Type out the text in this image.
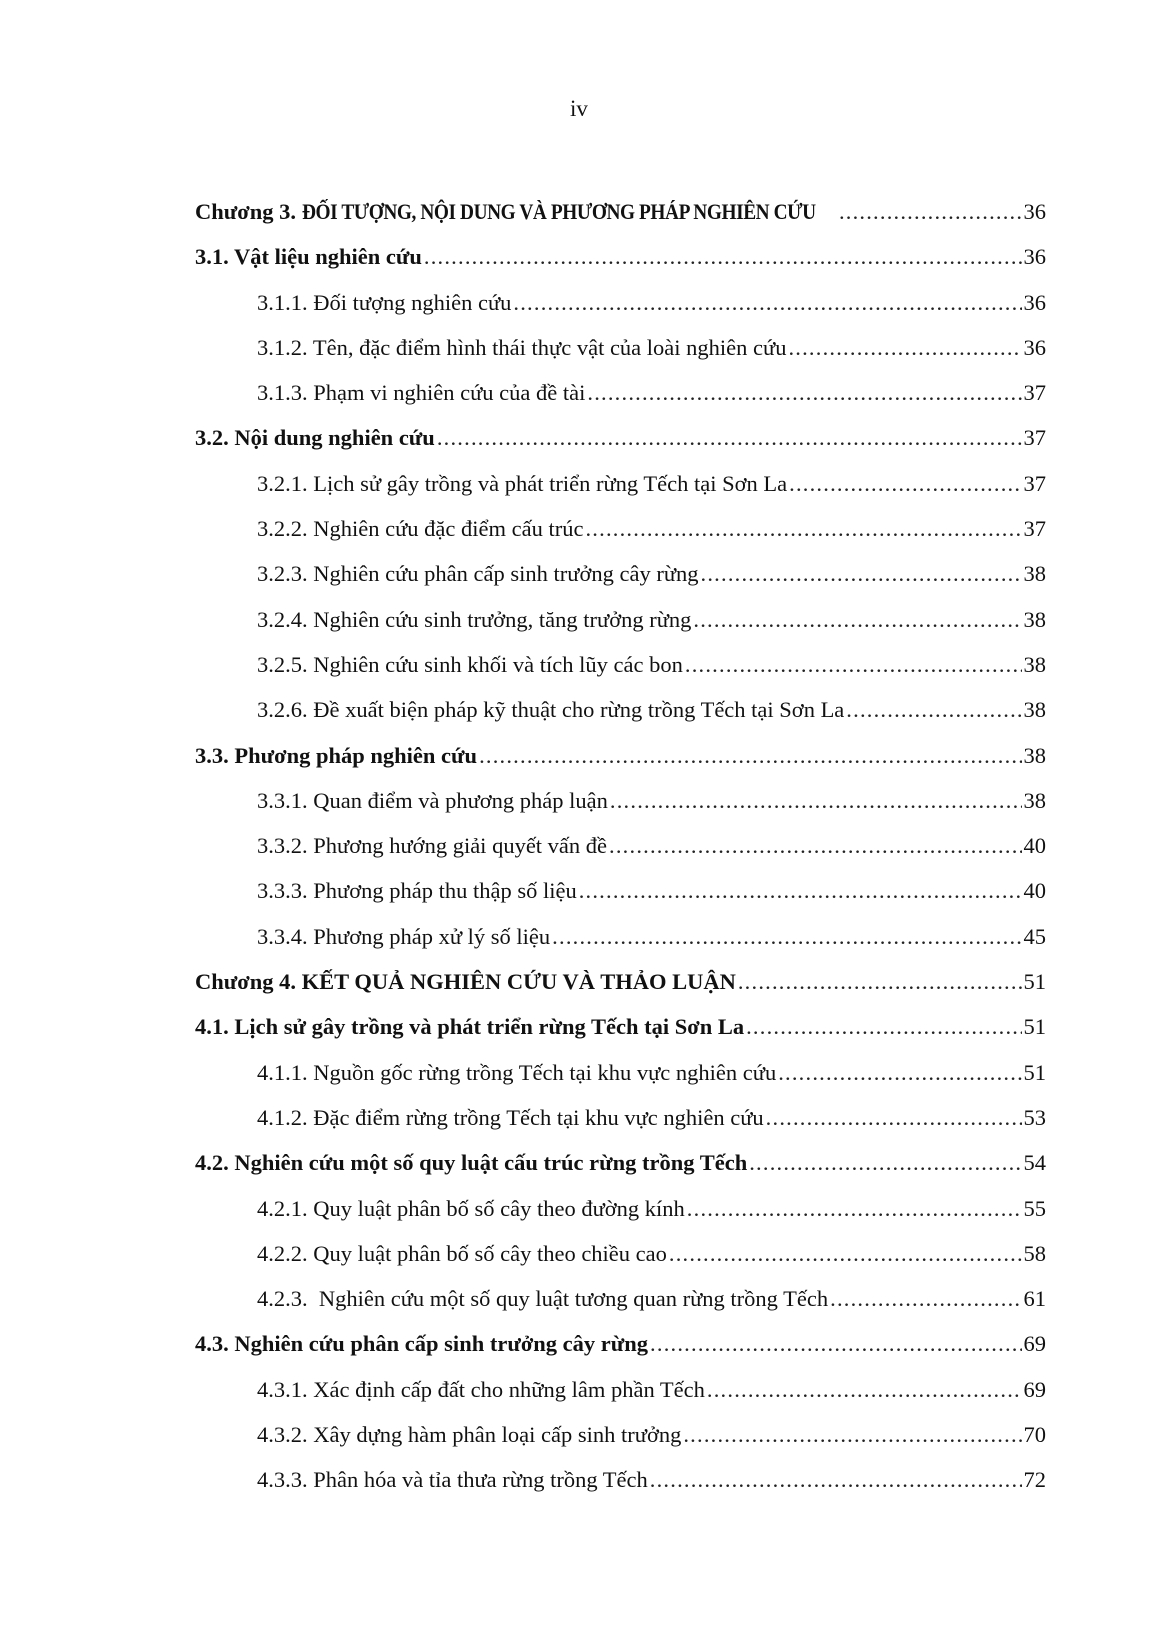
iv
Chương 3. ĐỐI TƯỢNG, NỘI DUNG VÀ PHƯƠNG PHÁP NGHIÊN CỨU .....	36
3.1. Vật liệu nghiên cứu .....	36
3.1.1. Đối tượng nghiên cứu .....	36
3.1.2. Tên, đặc điểm hình thái thực vật của loài nghiên cứu .....	36
3.1.3. Phạm vi nghiên cứu của đề tài .....	37
3.2. Nội dung nghiên cứu .....	37
3.2.1. Lịch sử gây trồng và phát triển rừng Tếch tại Sơn La .....	37
3.2.2. Nghiên cứu đặc điểm cấu trúc .....	37
3.2.3. Nghiên cứu phân cấp sinh trưởng cây rừng .....	38
3.2.4. Nghiên cứu sinh trưởng, tăng trưởng rừng .....	38
3.2.5. Nghiên cứu sinh khối và tích lũy các bon .....	38
3.2.6. Đề xuất biện pháp kỹ thuật cho rừng trồng Tếch tại Sơn La .....	38
3.3. Phương pháp nghiên cứu .....	38
3.3.1. Quan điểm và phương pháp luận .....	38
3.3.2. Phương hướng giải quyết vấn đề .....	40
3.3.3. Phương pháp thu thập số liệu .....	40
3.3.4. Phương pháp xử lý số liệu .....	45
Chương 4. KẾT QUẢ NGHIÊN CỨU VÀ THẢO LUẬN .....	51
4.1. Lịch sử gây trồng và phát triển rừng Tếch tại Sơn La .....	51
4.1.1. Nguồn gốc rừng trồng Tếch tại khu vực nghiên cứu .....	51
4.1.2. Đặc điểm rừng trồng Tếch tại khu vực nghiên cứu .....	53
4.2. Nghiên cứu một số quy luật cấu trúc rừng trồng Tếch .....	54
4.2.1. Quy luật phân bố số cây theo đường kính .....	55
4.2.2. Quy luật phân bố số cây theo chiều cao .....	58
4.2.3.  Nghiên cứu một số quy luật tương quan rừng trồng Tếch .....	61
4.3. Nghiên cứu phân cấp sinh trưởng cây rừng .....	69
4.3.1. Xác định cấp đất cho những lâm phần Tếch .....	69
4.3.2. Xây dựng hàm phân loại cấp sinh trưởng .....	70
4.3.3. Phân hóa và tỉa thưa rừng trồng Tếch .....	72
